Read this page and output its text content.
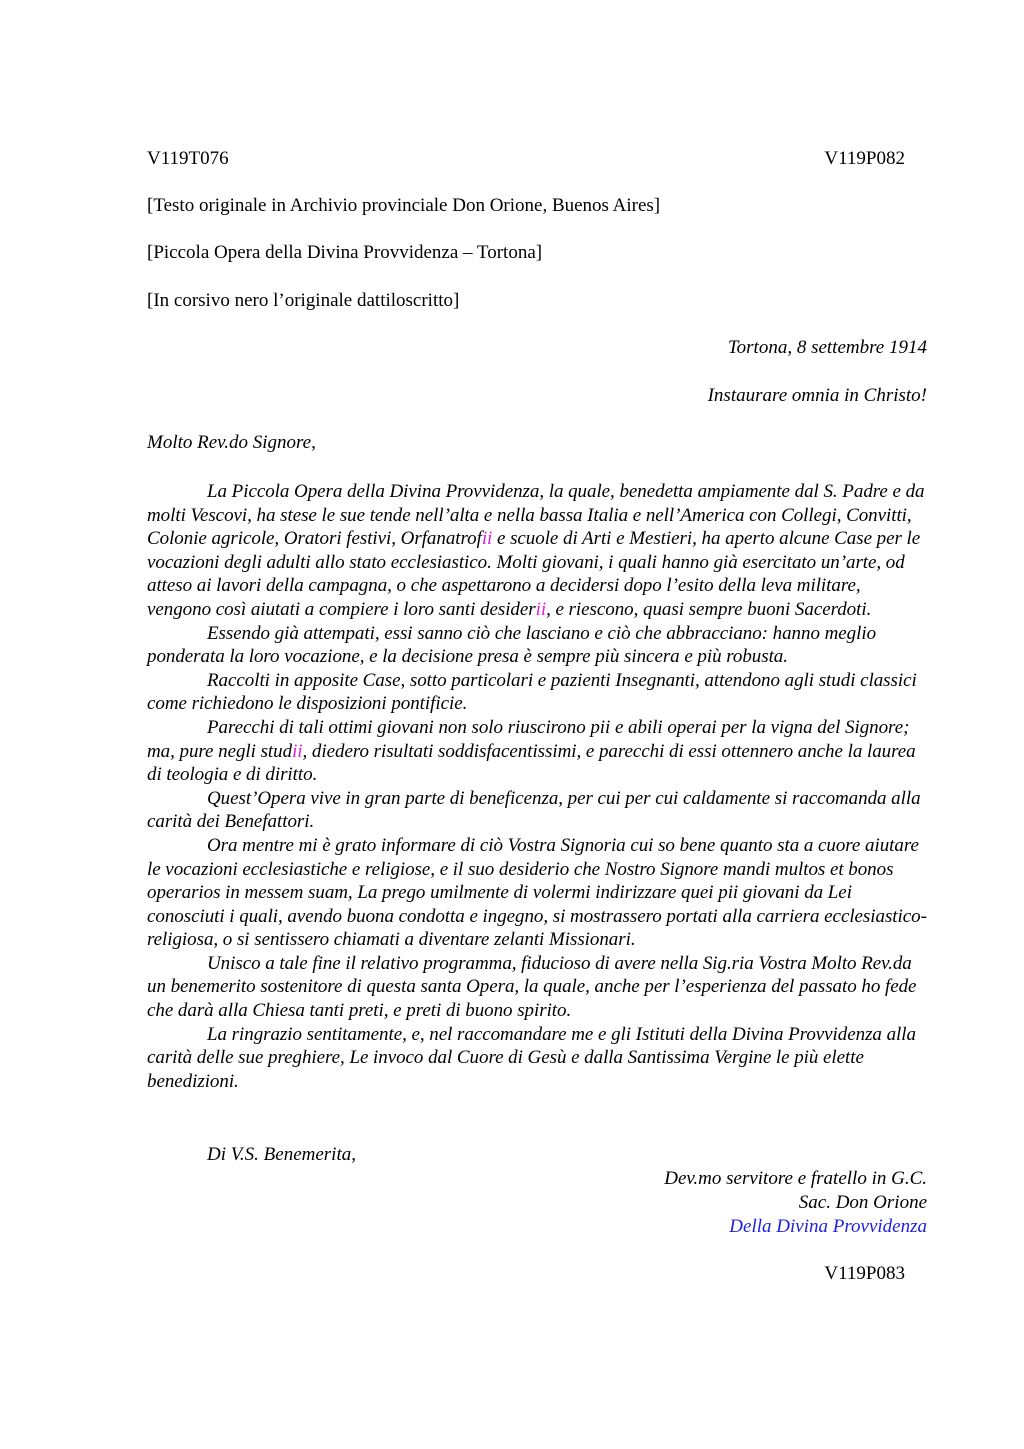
V119T076	V119P082
[Testo originale in Archivio provinciale Don Orione, Buenos Aires]
[Piccola Opera della Divina Provvidenza – Tortona]
[In corsivo nero l’originale dattiloscritto]
Tortona, 8 settembre 1914
Instaurare omnia in Christo!
Molto Rev.do Signore,

La Piccola Opera della Divina Provvidenza, la quale, benedetta ampiamente dal S. Padre e da molti Vescovi, ha stese le sue tende nell’alta e nella bassa Italia e nell’America con Collegi, Convitti, Colonie agricole, Oratori festivi, Orfanatrofii e scuole di Arti e Mestieri, ha aperto alcune Case per le vocazioni degli adulti allo stato ecclesiastico. Molti giovani, i quali hanno già esercitato un’arte, od atteso ai lavori della campagna, o che aspettarono a decidersi dopo l’esito della leva militare, vengono così aiutati a compiere i loro santi desiderii, e riescono, quasi sempre buoni Sacerdoti.

Essendo già attempati, essi sanno ciò che lasciano e ciò che abbracciano: hanno meglio ponderata la loro vocazione, e la decisione presa è sempre più sincera e più robusta.

Raccolti in apposite Case, sotto particolari e pazienti Insegnanti, attendono agli studi classici come richiedono le disposizioni pontificie.

Parecchi di tali ottimi giovani non solo riuscirono pii e abili operai per la vigna del Signore; ma, pure negli studii, diedero risultati soddisfacentissimi, e parecchi di essi ottennero anche la laurea di teologia e di diritto.

Quest’Opera vive in gran parte di beneficenza, per cui per cui caldamente si raccomanda alla carità dei Benefattori.

Ora mentre mi è grato informare di ciò Vostra Signoria cui so bene quanto sta a cuore aiutare le vocazioni ecclesiastiche e religiose, e il suo desiderio che Nostro Signore mandi multos et bonos operarios in messem suam, La prego umilmente di volermi indirizzare quei pii giovani da Lei conosciuti i quali, avendo buona condotta e ingegno, si mostrassero portati alla carriera ecclesiastico-religiosa, o si sentissero chiamati a diventare zelanti Missionari.

Unisco a tale fine il relativo programma, fiducioso di avere nella Sig.ria Vostra Molto Rev.da un benemerito sostenitore di questa santa Opera, la quale, anche per l’esperienza del passato ho fede che darà alla Chiesa tanti preti, e preti di buono spirito.

La ringrazio sentitamente, e, nel raccomandare me e gli Istituti della Divina Provvidenza alla carità delle sue preghiere, Le invoco dal Cuore di Gesù e dalla Santissima Vergine le più elette benedizioni.

Di V.S. Benemerita,
Dev.mo servitore e fratello in G.C.
Sac. Don Orione
Della Divina Provvidenza
V119P083
